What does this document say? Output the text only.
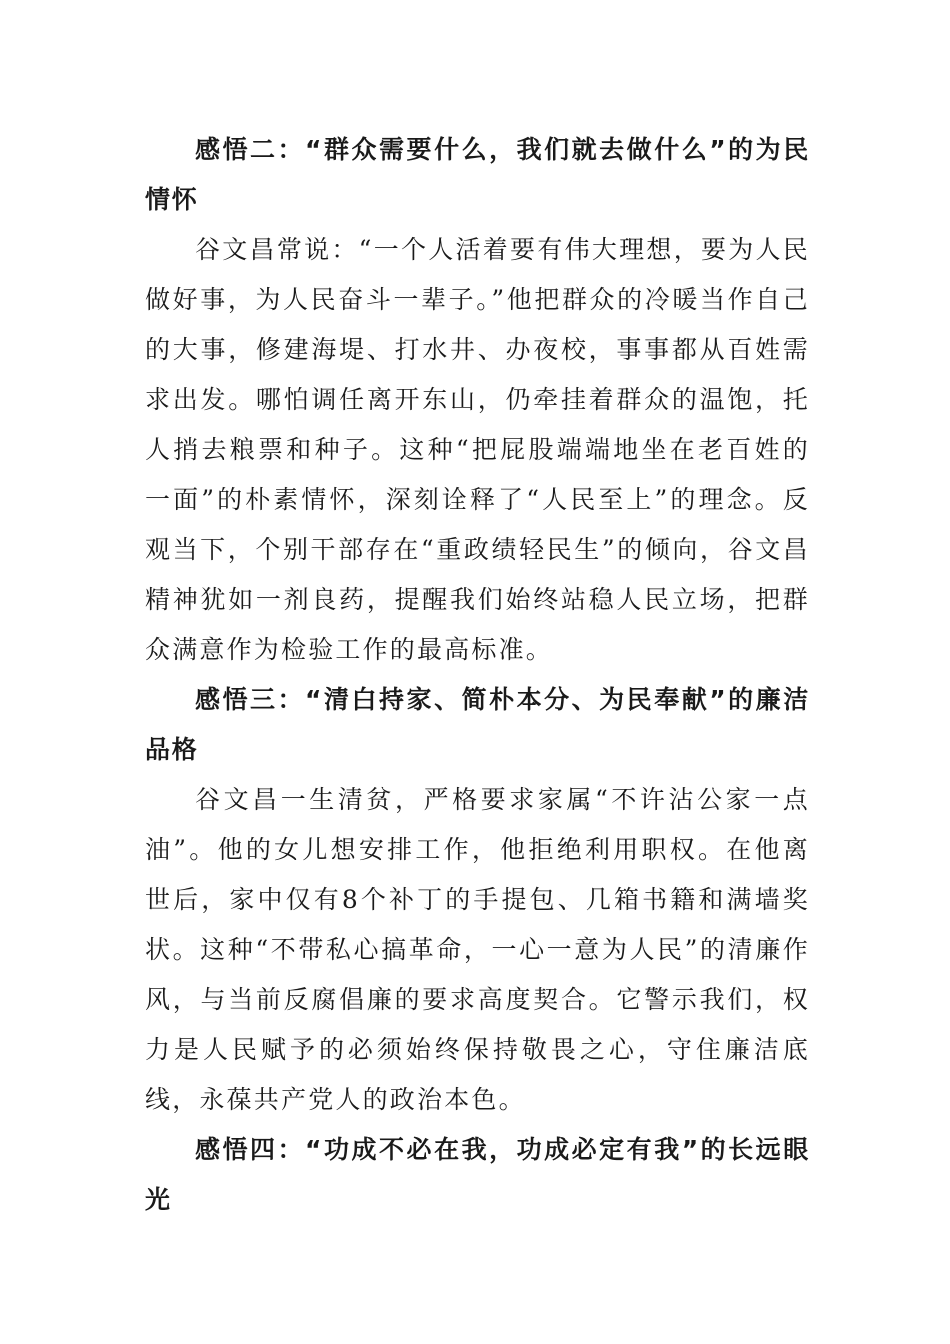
感悟二：“群众需要什么，我们就去做什么”的为民情怀

谷文昌常说：“一个人活着要有伟大理想，要为人民做好事，为人民奋斗一辈子。”他把群众的冷暖当作自己的大事，修建海堤、打水井、办夜校，事事都从百姓需求出发。哪怕调任离开东山，仍牵挂着群众的温饱，托人捎去粮票和种子。这种“把屁股端端地坐在老百姓的一面”的朴素情怀，深刻诠释了“人民至上”的理念。反观当下，个别干部存在“重政绩轻民生”的倾向，谷文昌精神犹如一剂良药，提醒我们始终站稳人民立场，把群众满意作为检验工作的最高标准。

感悟三：“清白持家、简朴本分、为民奉献”的廉洁品格

谷文昌一生清贫，严格要求家属“不许沾公家一点油”。他的女儿想安排工作，他拒绝利用职权。在他离世后，家中仅有8个补丁的手提包、几箱书籍和满墙奖状。这种“不带私心搞革命，一心一意为人民”的清廉作风，与当前反腐倡廉的要求高度契合。它警示我们，权力是人民赋予的必须始终保持敬畏之心，守住廉洁底线，永葆共产党人的政治本色。

感悟四：“功成不必在我，功成必定有我”的长远眼光
